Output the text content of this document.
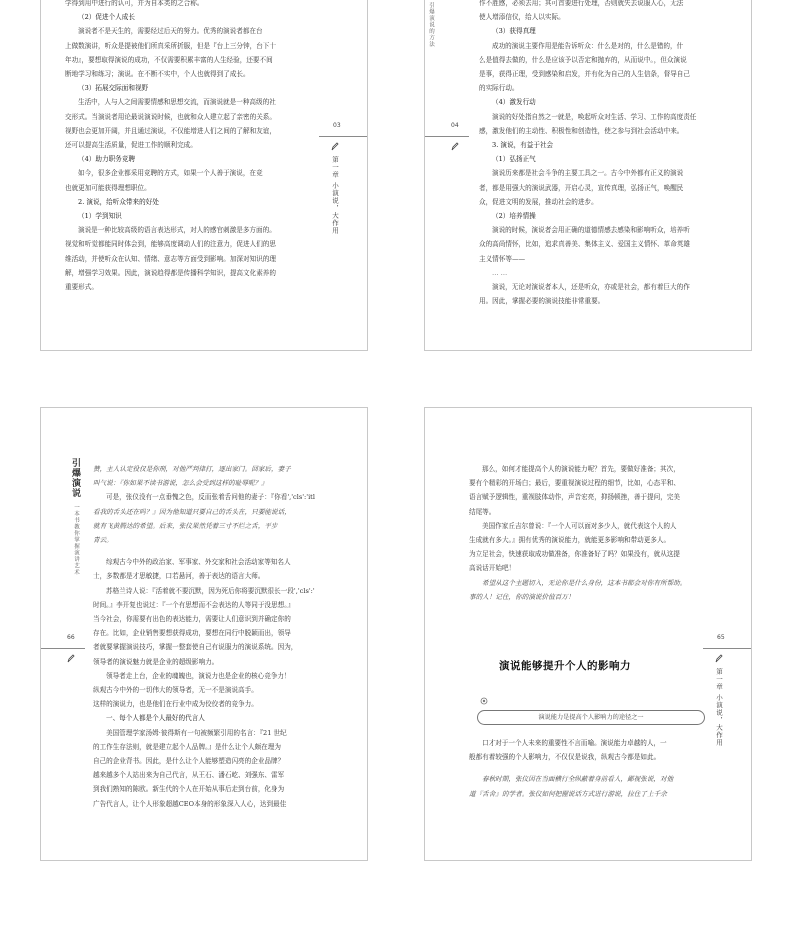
学得到用中进行的认可，并为自本类的之合称。

（2）促进个人成长

演说者不是天生的，需要经过后天的努力。优秀的演说者都在台

上做数演讲，听众是提被他们所真采所折服，但是『台上三分钟，台下十

年功』，要想取得演说的成功，不仅需要积累丰富的人生经验，还要不间

断地学习和练习；演说。在不断不实中，个人也就得到了成长。

（3）拓展交际面和视野

生活中，人与人之间需要情感和思想交流，而演说就是一种高级的社

交形式。当演说者用论最说演说时候，也就和众人建立起了亲密的关系。

视野也会更加开阔，并且通过演说，不仅能增进人们之间的了解和友谊，

还可以提高生活质量，促进工作的顺利完成。

（4）助力职务竞聘

如今，很多企业都采用竞聘的方式，如果一个人善于演说，在竞

也就更加可能获得理想职位。

2. 演说，给听众带来的好处

（1）学到知识

演说是一种比较高级的语言表达形式，对人的感官刺激是多方面的。

视觉和听觉都能同时体会到，能够高度调动人们的注意力，促进人们的思

维活动，并使听众在认知、情绪、意志等方面受到影响。加深对知识的理

解，增强学习效果。因此，演说趋得都是传播科学知识，提高文化素养的

重要形式。

03
第一章 小演说，大作用
引爆演说的方法
04

作不胜感，必须去用；其可首要进行处理，否则就失去说服人心，无法

使人增添信仪，给人以实际。

（3）获得真理

成功的演说主要作用是能告诉听众：什么是对的，什么是错的，什

么是值得去做的，什么是应该予以否定和抛弃的，从而说中。，但众演说

是事，获得正理，受到感染和启发，并有化为自己的人生信条，督导自己

的实际行动。

（4）激发行动

演说的好处指自然之一就是，唤起听众对生活、学习、工作的高度责任

感，激发他们的主动性、积极性和创造性，使之参与到社会活动中来。

3. 演说，有益于社会

（1）弘扬正气

演说历来都是社会斗争的主要工具之一。古今中外都有正义的演说

者，都是用强大的演说武器，开启心灵，宣传真理，弘扬正气，唤醒民

众，促进文明的发展，推动社会的进步。

（2）培养情操

演说的时候，演说者会用正确的道德情感去感染和影响听众，培养听

众的高尚情怀，比如，追求真善美、集体主义、爱国主义情怀、革命英雄

主义情怀等——

……

演说，无论对演说者本人，还是听众，亦或是社会，都有着巨大的作

用。因此，掌握必要的演说技能非常重要。

引爆演说
一本书教你掌握演讲艺术
66

赞，主人认定役仅是你刑，对他严判律打，逐出家门。回家后，妻子

叫气说：『你如果不读书游说，怎么会受到这样的耻辱呢？』

可是，张仪没有一点垂愧之色，反而张着舌问他的妻子：『你看','cls':'itl

看我的舌头还在吗？』因为他知道只要自己的舌头在，只要能说话，

就有飞黄腾达的希望。后来，张仪果然凭着三寸不烂之舌，平步

青云。

综观古今中外的政治家、军事家、外交家和社会活动家等知名人

士，多数都是才思敏捷，口若悬河，善于表达的语言大师。

苏格兰诗人说：『活着就不要沉默，因为死后你将要沉默很长一段','cls':'

时间。』李开复也说过：『一个有思想而不会表达的人等同于没思想。』

当今社会，你需要有出色的表达能力，需要让人们意识到并确定你的

存在。比如，企业销售要想获得成功，要想在同行中脱颖而出，领导

者就要掌握演说技巧，掌握一整套使自己有说服力的演说系统。因为，

领导者的演说魅力就是企业的超级影响力。

领导者走上台，企业的魂魄也，演说力也是企业的核心竞争力！

纵观古今中外的一切伟大的领导者，无一不是演说高手。

这样的演说力，也是他们在行业中成为佼佼者的竞争力。

一、每个人都是个人最好的代言人

美国管理学家汤姆·彼得斯有一句被频繁引用的名言：『21 世纪

的工作生存法则，就是建立起个人品牌。』是什么让个人颇在理为

自己的企业背书。因此，是什么让个人能够塑造闪亮的企业品牌？

越来越多个人站出来为自己代言，从王石、潘石屹、刘强东、雷军

到我们熟知的陈欧。新生代的个人在开始从事后走到台前，化身为

广告代言人，让个人形象超越CEO本身的形象深入人心，达到最佳

那么，如何才能提高个人的演说能力呢？首先，要做好准备；其次，

要有个精彩的开场白；最后，要重视演说过程的细节，比如，心态平和、

语言赋予逻辑性，重视肢体动作，声音宏亮，抑扬顿挫，善于提问，完美

结尾等。

美国作家丘吉尔曾说：『一个人可以面对多少人，就代表这个人的人

生成就有多大。』拥有优秀的演说能力，就能更多影响和带动更多人。

为立足社会，快速获取成功做准备，你准备好了吗？如果没有，就从这提

高说话开始吧！

希望从这个主题切入，无论你是什么身份，这本书都会对你有所帮助。

事的人！记住，你的演说价值百万！

65
第一章 小演说，大作用
演说能够提升个人的影响力
演说能力是提高个人影响力的途径之一

口才对于一个人未来的重要性不言而喻。演说能力卓越的人，一

般都有着较强的个人影响力，不仅仅是说我，纵观古今都是如此。

春秋时期，张仪因在当面横行全纵蔽着身前看人，鄙视张说，对他

道『舌舍』的学者。张仪如何把握说话方式进行游说，拉住了上千余
